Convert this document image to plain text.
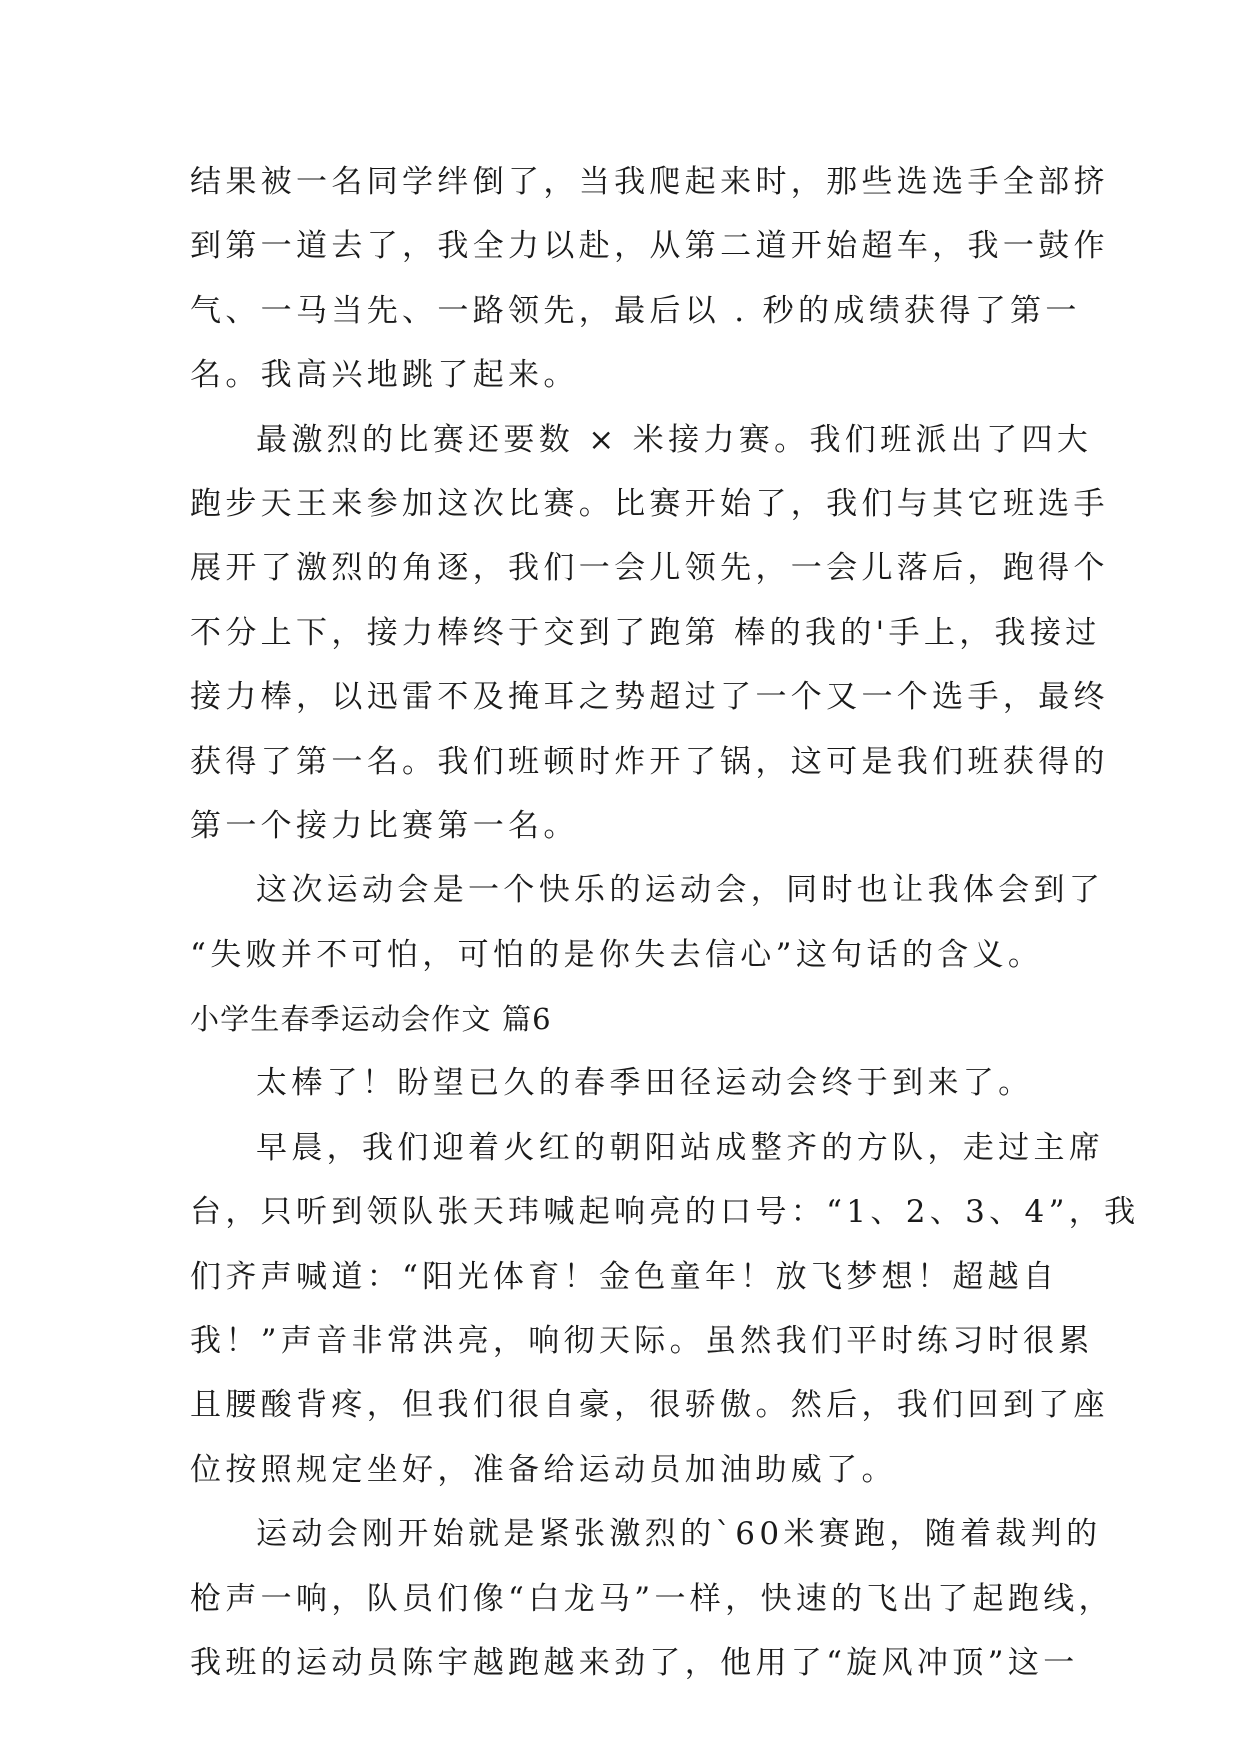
结果被一名同学绊倒了，当我爬起来时，那些选选手全部挤
到第一道去了，我全力以赴，从第二道开始超车，我一鼓作
气、一马当先、一路领先，最后以 . 秒的成绩获得了第一
名。我高兴地跳了起来。
最激烈的比赛还要数 × 米接力赛。我们班派出了四大
跑步天王来参加这次比赛。比赛开始了，我们与其它班选手
展开了激烈的角逐，我们一会儿领先，一会儿落后，跑得个
不分上下，接力棒终于交到了跑第 棒的我的'手上，我接过
接力棒，以迅雷不及掩耳之势超过了一个又一个选手，最终
获得了第一名。我们班顿时炸开了锅，这可是我们班获得的
第一个接力比赛第一名。
这次运动会是一个快乐的运动会，同时也让我体会到了
“失败并不可怕，可怕的是你失去信心”这句话的含义。
小学生春季运动会作文 篇6
太棒了！盼望已久的春季田径运动会终于到来了。
早晨，我们迎着火红的朝阳站成整齐的方队，走过主席
台，只听到领队张天玮喊起响亮的口号：“1、2、3、4”，我
们齐声喊道：“阳光体育！金色童年！放飞梦想！超越自
我！”声音非常洪亮，响彻天际。虽然我们平时练习时很累
且腰酸背疼，但我们很自豪，很骄傲。然后，我们回到了座
位按照规定坐好，准备给运动员加油助威了。
运动会刚开始就是紧张激烈的`60米赛跑，随着裁判的
枪声一响，队员们像“白龙马”一样，快速的飞出了起跑线，
我班的运动员陈宇越跑越来劲了，他用了“旋风冲顶”这一
